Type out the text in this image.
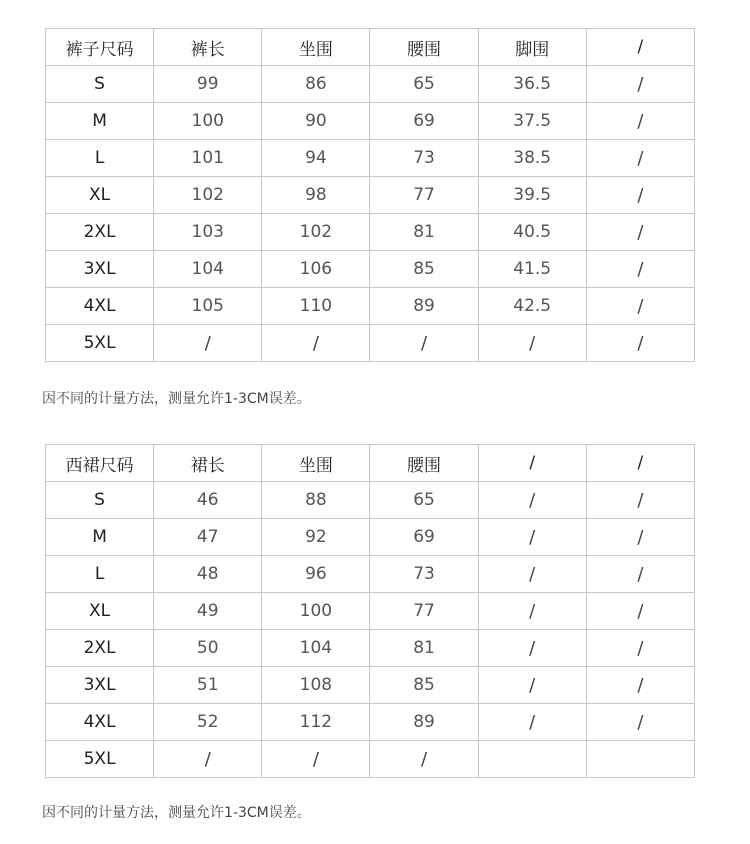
裤子尺码	裤长	坐围	腰围	脚围	/
S	99	86	65	36.5	/
M	100	90	69	37.5	/
L	101	94	73	38.5	/
XL	102	98	77	39.5	/
2XL	103	102	81	40.5	/
3XL	104	106	85	41.5	/
4XL	105	110	89	42.5	/
5XL	/	/	/	/	/

因不同的计量方法，测量允许1-3CM误差。

西裙尺码	裙长	坐围	腰围	/	/
S	46	88	65	/	/
M	47	92	69	/	/
L	48	96	73	/	/
XL	49	100	77	/	/
2XL	50	104	81	/	/
3XL	51	108	85	/	/
4XL	52	112	89	/	/
5XL	/	/	/		

因不同的计量方法，测量允许1-3CM误差。
